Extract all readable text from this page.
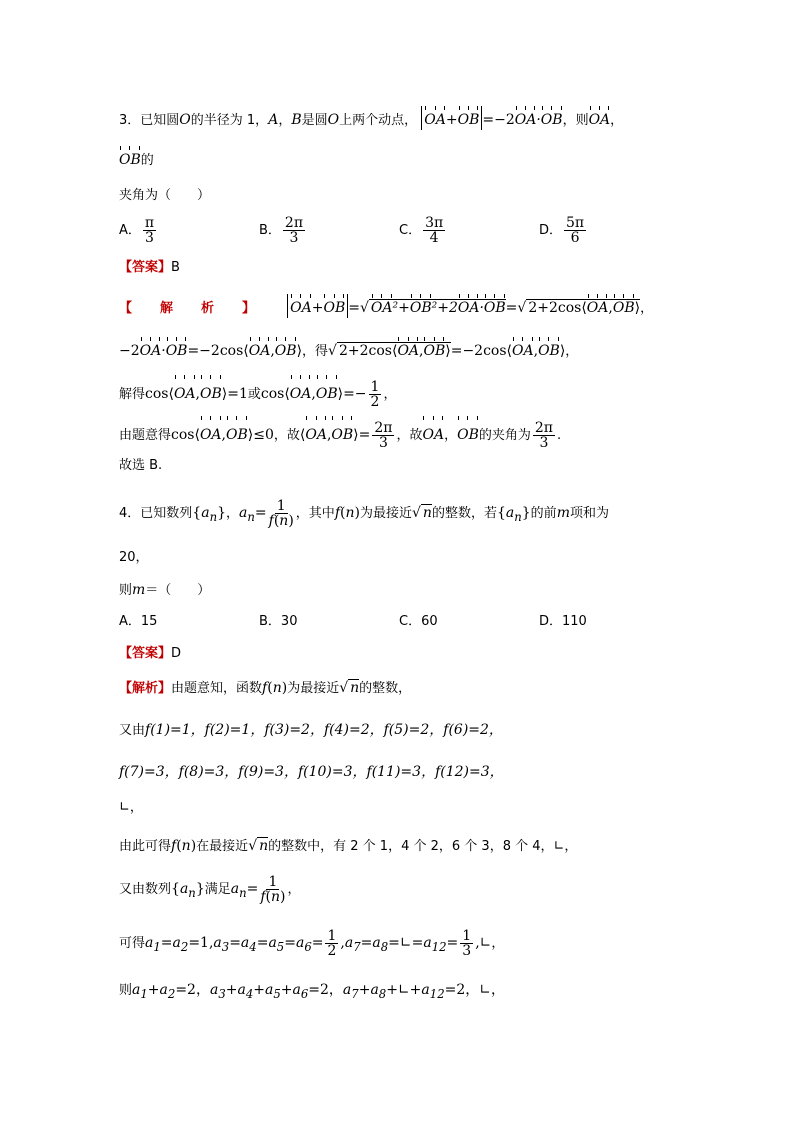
3．已知圆O的半径为 1，A，B是圆O上两个动点， OA+OB =−2OA·OB，则OA，
OB的
夹角为（　　）
A． $\frac{\pi}{3}$	B． $\frac{2\pi}{3}$	C． $\frac{3\pi}{4}$	D． $\frac{5\pi}{6}$
【答案】B
【解析】 OA+OB =√ OA²+OB²+2OA·OB=√ 2+2cos⟨OA,OB⟩，
−2OA·OB=−2cos⟨OA,OB⟩，得√ 2+2cos⟨OA,OB⟩=−2cos⟨OA,OB⟩，
解得cos⟨OA,OB⟩=1或cos⟨OA,OB⟩=− $\frac{1}{2}$ ，
由题意得cos⟨OA,OB⟩≤0，故⟨OA,OB⟩= $\frac{2\pi}{3}$ ，故OA，OB的夹角为 $\frac{2\pi}{3}$ .
故选 B.
4．已知数列$\{a_n\}$，$a_n= \frac{1}{f(n)}$ ，其中f(n)为最接近√ n的整数，若$\{a_n\}$的前m项和为
20，
则m＝（　　）
A．15	B．30	C．60	D．110
【答案】D
【解析】由题意知，函数f(n)为最接近√ n的整数，
又由f(1)=1，f(2)=1，f(3)=2，f(4)=2，f(5)=2，f(6)=2，
f(7)=3，f(8)=3，f(9)=3，f(10)=3，f(11)=3，f(12)=3，
∟，
由此可得f(n)在最接近√ n的整数中，有 2 个 1，4 个 2，6 个 3，8 个 4，∟，
又由数列$\{a_n\}$满足$a_n= \frac{1}{f(n)}$ ，
可得$a_1=a_2=1,a_3=a_4=a_5=a_6= \frac{1}{2}$ $,a_7=a_8=∟=a_{12}= \frac{1}{3}$ ,∟，
则$a_1+a_2=2$，$a_3+a_4+a_5+a_6=2$，$a_7+a_8+∟+a_{12}=2$，∟，
